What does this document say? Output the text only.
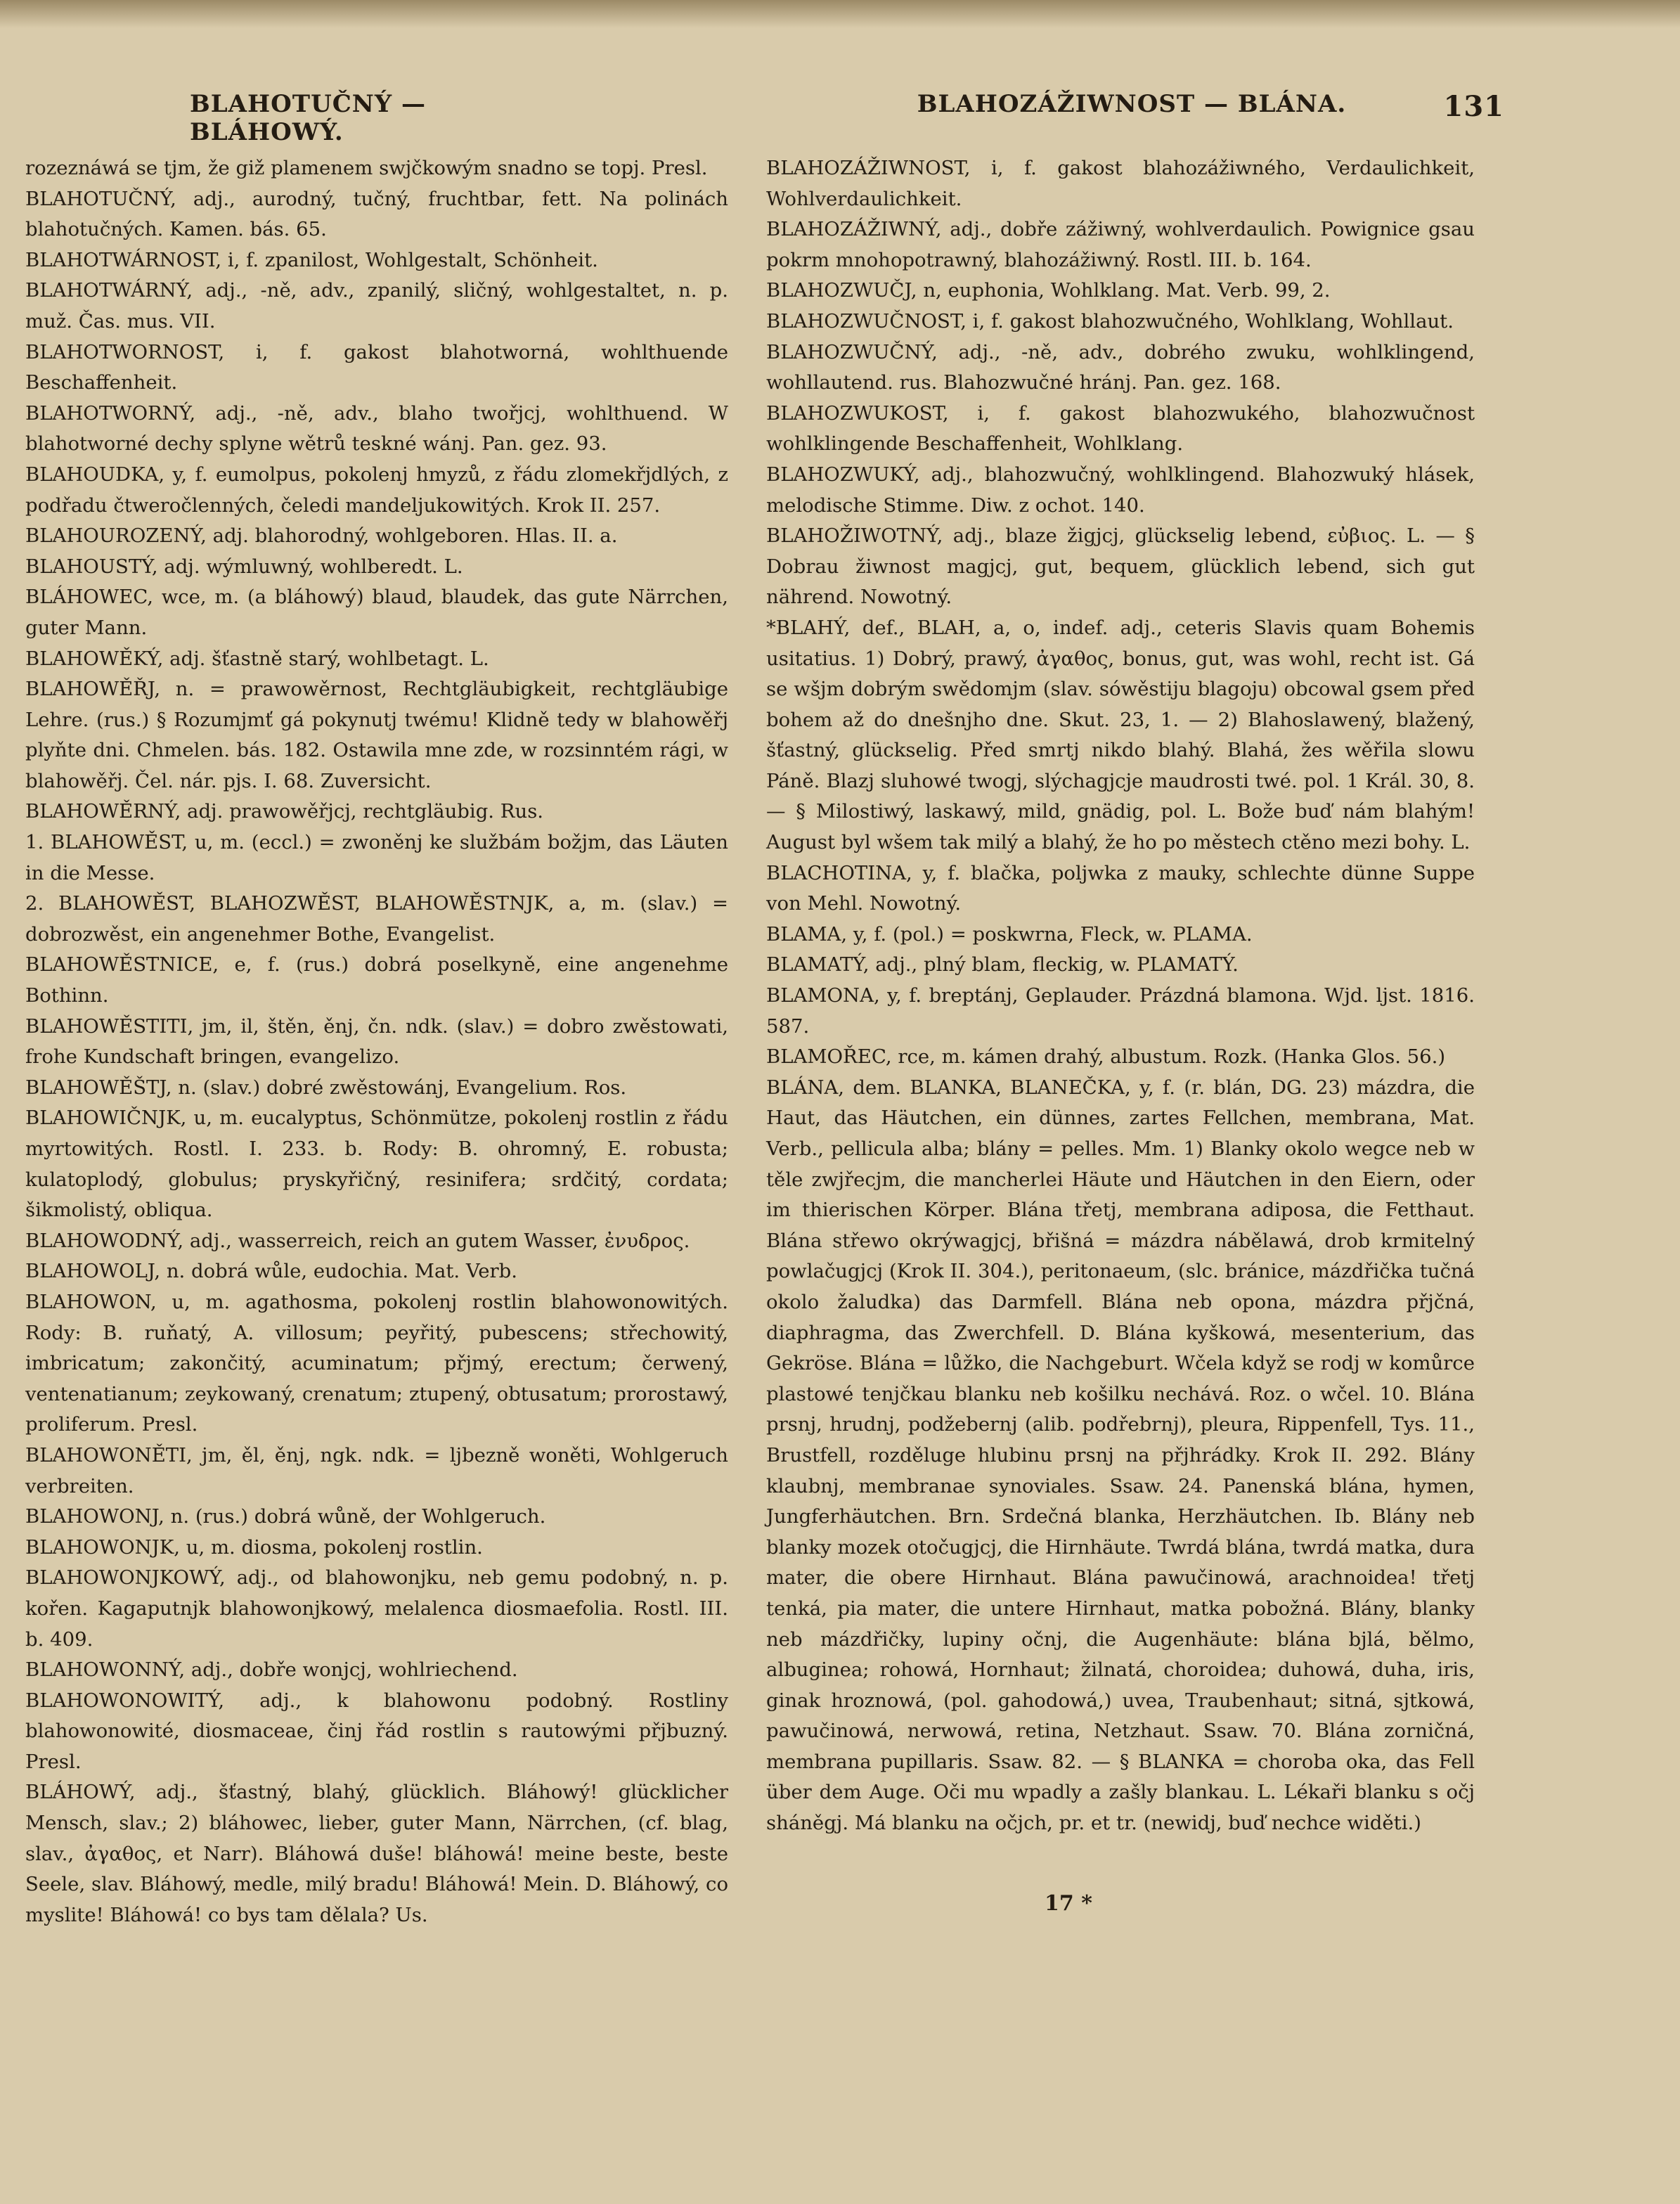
BLAHOTUČNÝ — BLÁHOWÝ.
BLAHOZÁŽIWNOST — BLÁNA.	131

rozeznáwá se tjm, že giž plamenem swjčkowým snadno se topj. Presl.

BLAHOTUČNÝ, adj., aurodný, tučný, fruchtbar, fett. Na polinách blahotučných. Kamen. bás. 65.

BLAHOTWÁRNOST, i, f. zpanilost, Wohlgestalt, Schönheit.

BLAHOTWÁRNÝ, adj., -ně, adv., zpanilý, sličný, wohlgestaltet, n. p. muž. Čas. mus. VII.

BLAHOTWORNOST, i, f. gakost blahotworná, wohlthuende Beschaffenheit.

BLAHOTWORNÝ, adj., -ně, adv., blaho twořjcj, wohlthuend. W blahotworné dechy splyne wětrů teskné wánj. Pan. gez. 93.

BLAHOUDKA, y, f. eumolpus, pokolenj hmyzů, z řádu zlomekřjdlých, z podřadu čtweročlenných, čeledi mandeljukowitých. Krok II. 257.

BLAHOUROZENÝ, adj. blahorodný, wohlgeboren. Hlas. II. a.

BLAHOUSTÝ, adj. wýmluwný, wohlberedt. L.

BLÁHOWEC, wce, m. (a bláhowý) blaud, blaudek, das gute Närrchen, guter Mann.

BLAHOWĚKÝ, adj. šťastně starý, wohlbetagt. L.

BLAHOWĚŘJ, n. = prawowěrnost, Rechtgläubigkeit, rechtgläubige Lehre. (rus.) § Rozumjmť gá pokynutj twému! Klidně tedy w blahowěřj plyňte dni. Chmelen. bás. 182. Ostawila mne zde, w rozsinntém rági, w blahowěřj. Čel. nár. pjs. I. 68. Zuversicht.

BLAHOWĚRNÝ, adj. prawowěřjcj, rechtgläubig. Rus.

1. BLAHOWĚST, u, m. (eccl.) = zwoněnj ke službám božjm, das Läuten in die Messe.

2. BLAHOWĚST, BLAHOZWĚST, BLAHOWĚSTNJK, a, m. (slav.) = dobrozwěst, ein angenehmer Bothe, Evangelist.

BLAHOWĚSTNICE, e, f. (rus.) dobrá poselkyně, eine angenehme Bothinn.

BLAHOWĚSTITI, jm, il, štěn, ěnj, čn. ndk. (slav.) = dobro zwěstowati, frohe Kundschaft bringen, evangelizo.

BLAHOWĚŠTJ, n. (slav.) dobré zwěstowánj, Evangelium. Ros.

BLAHOWIČNJK, u, m. eucalyptus, Schönmütze, pokolenj rostlin z řádu myrtowitých. Rostl. I. 233. b. Rody: B. ohromný, E. robusta; kulatoplodý, globulus; pryskyřičný, resinifera; srdčitý, cordata; šikmolistý, obliqua.

BLAHOWODNÝ, adj., wasserreich, reich an gutem Wasser, ἐνυδρος.

BLAHOWOLJ, n. dobrá wůle, eudochia. Mat. Verb.

BLAHOWON, u, m. agathosma, pokolenj rostlin blahowonowitých. Rody: B. ruňatý, A. villosum; peyřitý, pubescens; střechowitý, imbricatum; zakončitý, acuminatum; přjmý, erectum; čerwený, ventenatianum; zeykowaný, crenatum; ztupený, obtusatum; prorostawý, proliferum. Presl.

BLAHOWONĚTI, jm, ěl, ěnj, ngk. ndk. = ljbezně woněti, Wohlgeruch verbreiten.

BLAHOWONJ, n. (rus.) dobrá wůně, der Wohlgeruch.

BLAHOWONJK, u, m. diosma, pokolenj rostlin.

BLAHOWONJKOWÝ, adj., od blahowonjku, neb gemu podobný, n. p. kořen. Kagaputnjk blahowonjkowý, melalenca diosmaefolia. Rostl. III. b. 409.

BLAHOWONNÝ, adj., dobře wonjcj, wohlriechend.

BLAHOWONOWITÝ, adj., k blahowonu podobný. Rostliny blahowonowité, diosmaceae, činj řád rostlin s rautowými přjbuzný. Presl.

BLÁHOWÝ, adj., šťastný, blahý, glücklich. Bláhowý! glücklicher Mensch, slav.; 2) bláhowec, lieber, guter Mann, Närrchen, (cf. blag, slav., ἀγαθος, et Narr). Bláhowá duše! bláhowá! meine beste, beste Seele, slav. Bláhowý, medle, milý bradu! Bláhowá! Mein. D. Bláhowý, co myslite! Bláhowá! co bys tam dělala? Us.

BLAHOZÁŽIWNOST, i, f. gakost blahozážiwného, Verdaulichkeit, Wohlverdaulichkeit.

BLAHOZÁŽIWNÝ, adj., dobře zážiwný, wohlverdaulich. Powignice gsau pokrm mnohopotrawný, blahozážiwný. Rostl. III. b. 164.

BLAHOZWUČJ, n, euphonia, Wohlklang. Mat. Verb. 99, 2.

BLAHOZWUČNOST, i, f. gakost blahozwučného, Wohlklang, Wohllaut.

BLAHOZWUČNÝ, adj., -ně, adv., dobrého zwuku, wohlklingend, wohllautend. rus. Blahozwučné hránj. Pan. gez. 168.

BLAHOZWUKOST, i, f. gakost blahozwukého, blahozwučnost wohlklingende Beschaffenheit, Wohlklang.

BLAHOZWUKÝ, adj., blahozwučný, wohlklingend. Blahozwuký hlásek, melodische Stimme. Diw. z ochot. 140.

BLAHOŽIWOTNÝ, adj., blaze žigjcj, glückselig lebend, εὐβιος. L. — § Dobrau žiwnost magjcj, gut, bequem, glücklich lebend, sich gut nährend. Nowotný.

*BLAHÝ, def., BLAH, a, o, indef. adj., ceteris Slavis quam Bohemis usitatius. 1) Dobrý, prawý, ἀγαθος, bonus, gut, was wohl, recht ist. Gá se wšjm dobrým swědomjm (slav. sówěstiju blagoju) obcowal gsem před bohem až do dnešnjho dne. Skut. 23, 1. — 2) Blahoslawený, blažený, šťastný, glückselig. Před smrtj nikdo blahý. Blahá, žes wěřila slowu Páně. Blazj sluhowé twogj, slýchagjcje maudrosti twé. pol. 1 Král. 30, 8. — § Milostiwý, laskawý, mild, gnädig, pol. L. Bože buď nám blahým! August byl wšem tak milý a blahý, že ho po městech ctěno mezi bohy. L.

BLACHOTINA, y, f. blačka, poljwka z mauky, schlechte dünne Suppe von Mehl. Nowotný.

BLAMA, y, f. (pol.) = poskwrna, Fleck, w. PLAMA.

BLAMATÝ, adj., plný blam, fleckig, w. PLAMATÝ.

BLAMONA, y, f. breptánj, Geplauder. Prázdná blamona. Wjd. ljst. 1816. 587.

BLAMOŘEC, rce, m. kámen drahý, albustum. Rozk. (Hanka Glos. 56.)

BLÁNA, dem. BLANKA, BLANEČKA, y, f. (r. blán, DG. 23) mázdra, die Haut, das Häutchen, ein dünnes, zartes Fellchen, membrana, Mat. Verb., pellicula alba; blány = pelles. Mm. 1) Blanky okolo wegce neb w těle zwjřecjm, die mancherlei Häute und Häutchen in den Eiern, oder im thierischen Körper. Blána třetj, membrana adiposa, die Fetthaut. Blána střewo okrýwagjcj, břišná = mázdra nábělawá, drob krmitelný powlačugjcj (Krok II. 304.), peritonaeum, (slc. bránice, mázdřička tučná okolo žaludka) das Darmfell. Blána neb opona, mázdra přjčná, diaphragma, das Zwerchfell. D. Blána kyškowá, mesenterium, das Gekröse. Blána = lůžko, die Nachgeburt. Wčela když se rodj w komůrce plastowé tenjčkau blanku neb košilku nechává. Roz. o wčel. 10. Blána prsnj, hrudnj, podžebernj (alib. podřebrnj), pleura, Rippenfell, Tys. 11., Brustfell, rozděluge hlubinu prsnj na přjhrádky. Krok II. 292. Blány klaubnj, membranae synoviales. Ssaw. 24. Panenská blána, hymen, Jungferhäutchen. Brn. Srdečná blanka, Herzhäutchen. Ib. Blány neb blanky mozek otočugjcj, die Hirnhäute. Twrdá blána, twrdá matka, dura mater, die obere Hirnhaut. Blána pawučinowá, arachnoidea! třetj tenká, pia mater, die untere Hirnhaut, matka pobožná. Blány, blanky neb mázdřičky, lupiny očnj, die Augenhäute: blána bjlá, bělmo, albuginea; rohowá, Hornhaut; žilnatá, choroidea; duhowá, duha, iris, ginak hroznowá, (pol. gahodowá,) uvea, Traubenhaut; sitná, sjtkowá, pawučinowá, nerwowá, retina, Netzhaut. Ssaw. 70. Blána zorničná, membrana pupillaris. Ssaw. 82. — § BLANKA = choroba oka, das Fell über dem Auge. Oči mu wpadly a zašly blankau. L. Lékaři blanku s očj sháněgj. Má blanku na očjch, pr. et tr. (newidj, buď nechce widěti.)

17 *
